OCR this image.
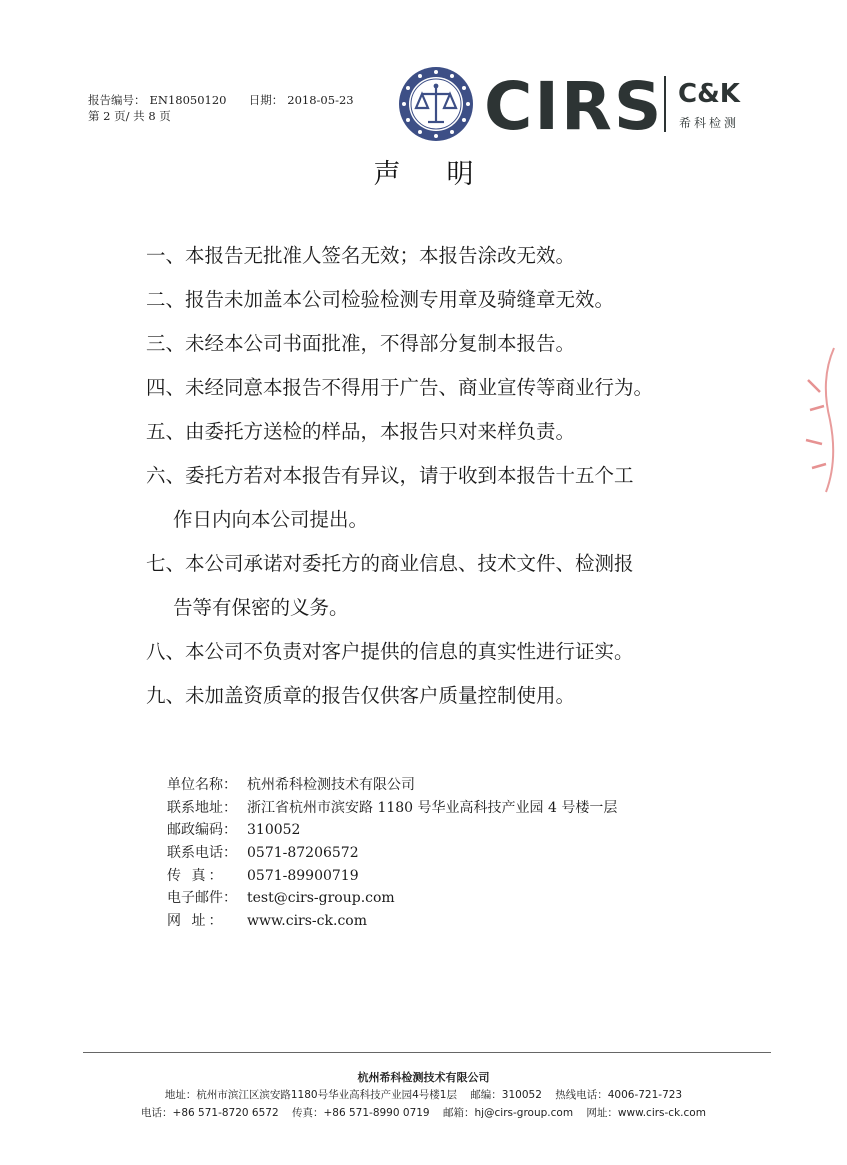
报告编号： EN18050120 日期： 2018-05-23
第 2 页/ 共 8 页	CIRS C&K
希科检测
声明
一、本报告无批准人签名无效；本报告涂改无效。
二、报告未加盖本公司检验检测专用章及骑缝章无效。
三、未经本公司书面批准，不得部分复制本报告。
四、未经同意本报告不得用于广告、商业宣传等商业行为。
五、由委托方送检的样品，本报告只对来样负责。
六、委托方若对本报告有异议，请于收到本报告十五个工
作日内向本公司提出。
七、本公司承诺对委托方的商业信息、技术文件、检测报
告等有保密的义务。
八、本公司不负责对客户提供的信息的真实性进行证实。
九、未加盖资质章的报告仅供客户质量控制使用。
单位名称： 杭州希科检测技术有限公司
联系地址： 浙江省杭州市滨安路 1180 号华业高科技产业园 4 号楼一层
邮政编码： 310052
联系电话： 0571-87206572
传 真： 0571-89900719
电子邮件： test@cirs-group.com
网 址： www.cirs-ck.com
杭州希科检测技术有限公司
地址：杭州市滨江区滨安路1180号华业高科技产业园4号楼1层 邮编：310052 热线电话：4006-721-723
电话：+86 571-8720 6572 传真：+86 571-8990 0719 邮箱：hj@cirs-group.com 网址：www.cirs-ck.com
